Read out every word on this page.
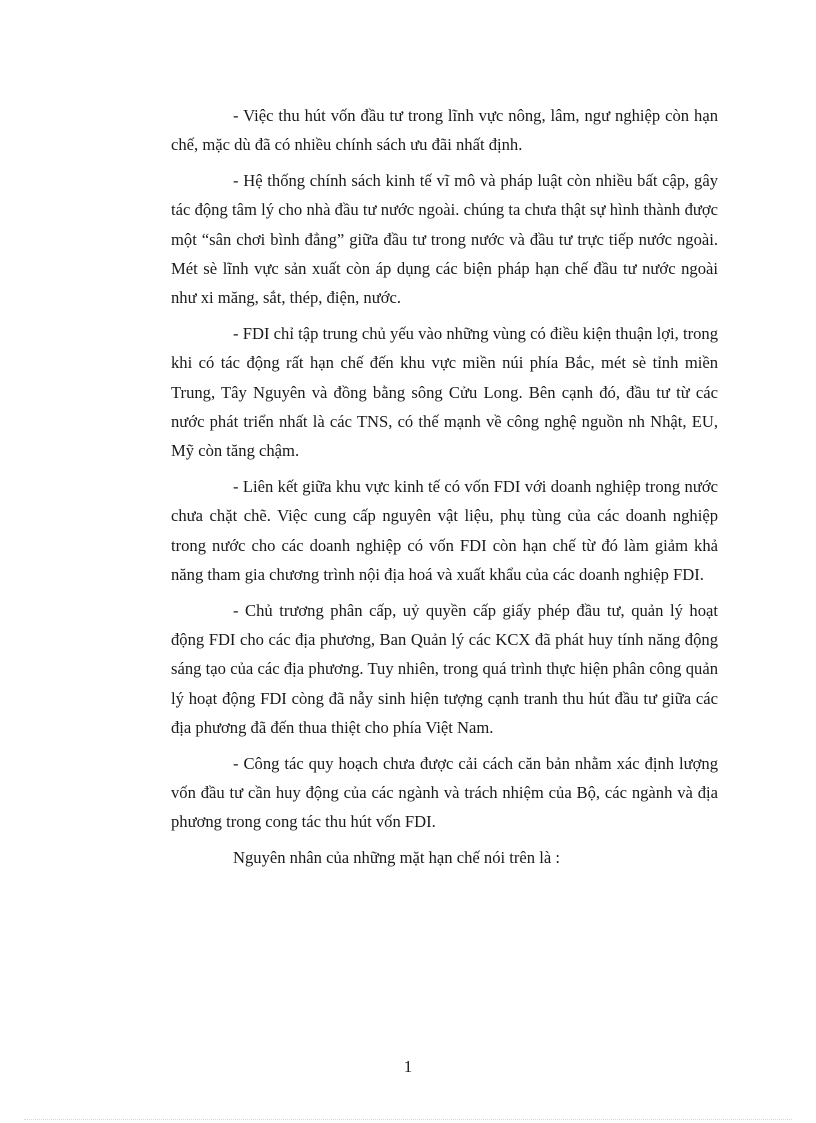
- Việc thu hút vốn đầu tư trong lĩnh vực nông, lâm, ngư nghiệp còn hạn chế, mặc dù đã có nhiều chính sách ưu đãi nhất định.

- Hệ thống chính sách kinh tế vĩ mô và pháp luật còn nhiều bất cập, gây tác động tâm lý cho nhà đầu tư nước ngoài. chúng ta chưa thật sự hình thành được một “sân chơi bình đẳng” giữa đầu tư trong nước và đầu tư trực tiếp nước ngoài. Mét sè lĩnh vực sản xuất còn áp dụng các biện pháp hạn chế đầu tư nước ngoài như xi măng, sắt, thép, điện, nước.

- FDI chỉ tập trung chủ yếu vào những vùng có điều kiện thuận lợi, trong khi có tác động rất hạn chế đến khu vực miền núi phía Bắc, mét sè tỉnh miền Trung, Tây Nguyên và đồng bằng sông Cửu Long. Bên cạnh đó, đầu tư từ các nước phát triển nhất là các TNS, có thế mạnh về công nghệ nguồn nh Nhật, EU, Mỹ còn tăng chậm.

- Liên kết giữa khu vực kinh tế có vốn FDI với doanh nghiệp trong nước chưa chặt chẽ. Việc cung cấp nguyên vật liệu, phụ tùng của các doanh nghiệp trong nước cho các doanh nghiệp có vốn FDI còn hạn chế từ đó làm giảm khả năng tham gia chương trình nội địa hoá và xuất khẩu của các doanh nghiệp FDI.

- Chủ trương phân cấp, uỷ quyền cấp giấy phép đầu tư, quản lý hoạt động FDI cho các địa phương, Ban Quản lý các KCX đã phát huy tính năng động sáng tạo của các địa phương. Tuy nhiên, trong quá trình thực hiện phân công quản lý hoạt động FDI còng đã nẫy sinh hiện tượng cạnh tranh thu hút đầu tư giữa các địa phương đã đến thua thiệt cho phía Việt Nam.

- Công tác quy hoạch chưa được cải cách căn bản nhằm xác định lượng vốn đầu tư cần huy động của các ngành và trách nhiệm của Bộ, các ngành và địa phương trong cong tác thu hút vốn FDI.

Nguyên nhân của những mặt hạn chế nói trên là :

1
